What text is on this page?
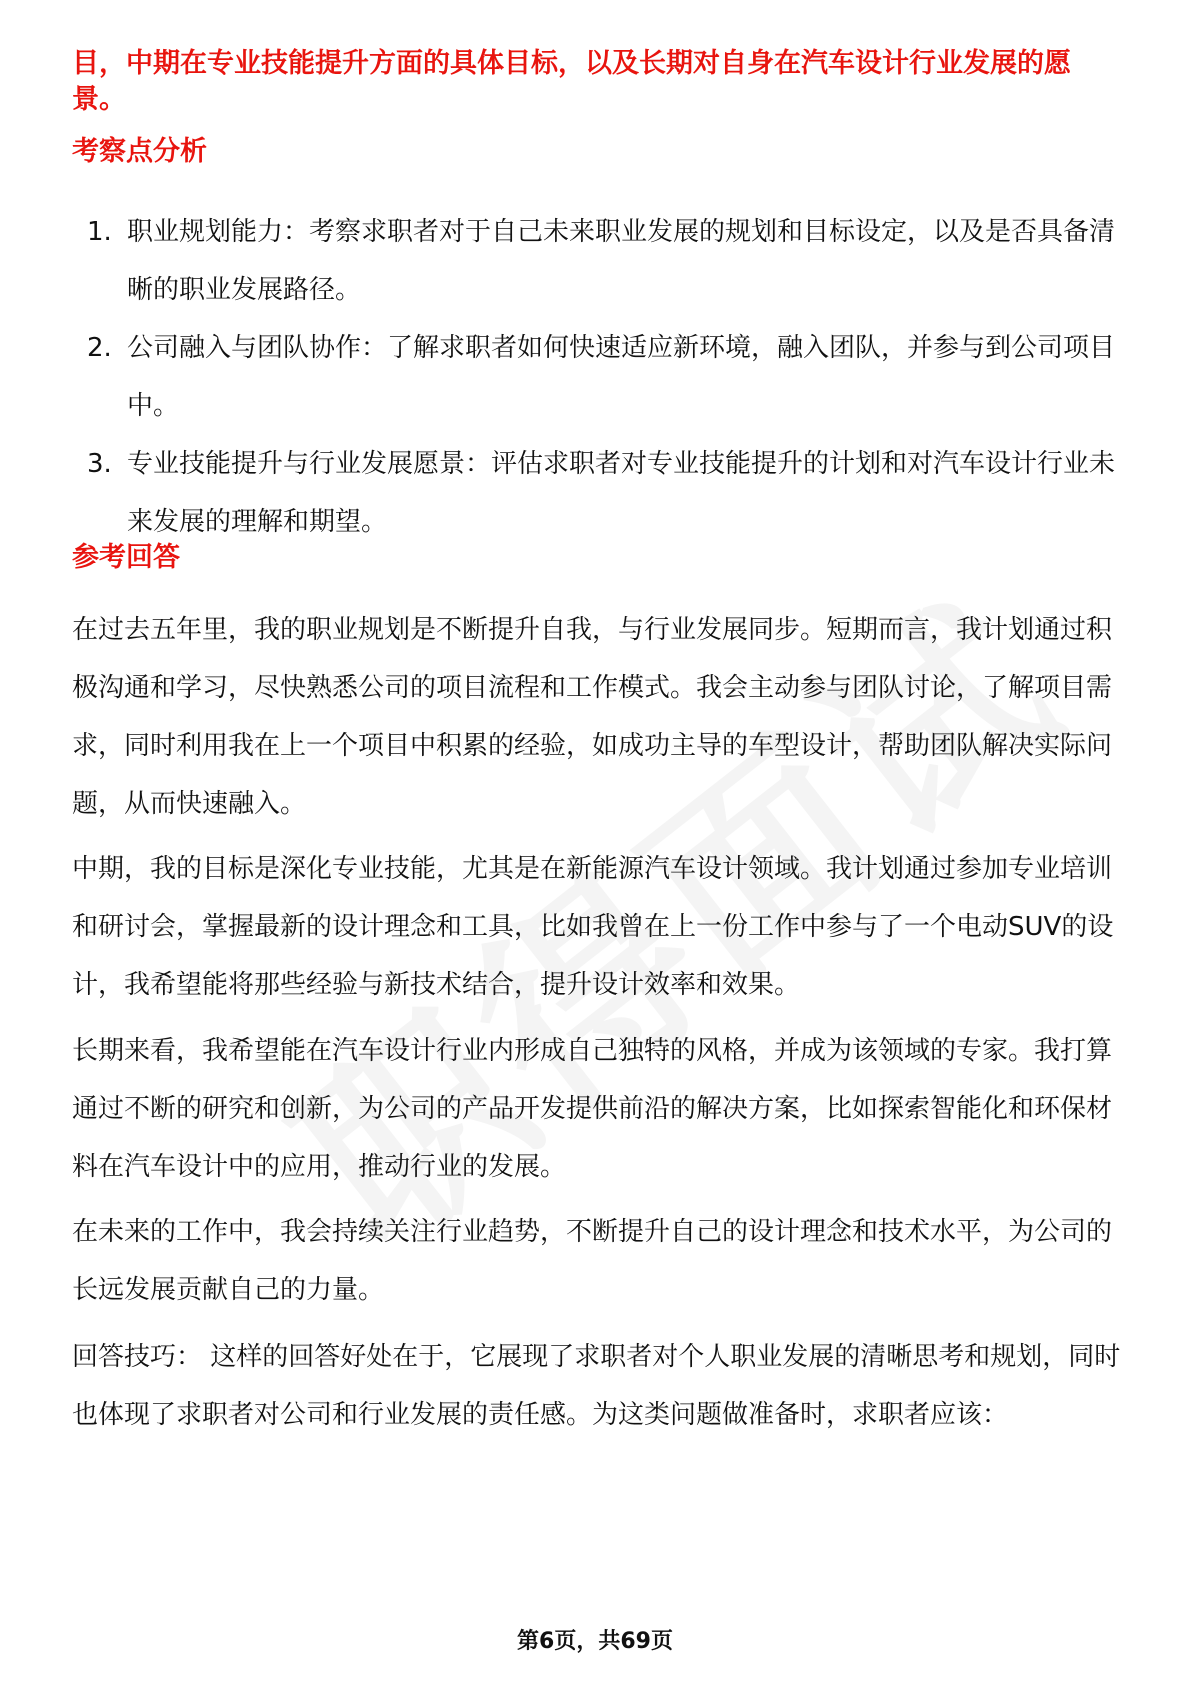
目，中期在专业技能提升方面的具体目标，以及长期对自身在汽车设计行业发展的愿景。

考察点分析
1. 职业规划能力：考察求职者对于自己未来职业发展的规划和目标设定，以及是否具备清晰的职业发展路径。
2. 公司融入与团队协作：了解求职者如何快速适应新环境，融入团队，并参与到公司项目中。
3. 专业技能提升与行业发展愿景：评估求职者对专业技能提升的计划和对汽车设计行业未来发展的理解和期望。
参考回答

在过去五年里，我的职业规划是不断提升自我，与行业发展同步。短期而言，我计划通过积极沟通和学习，尽快熟悉公司的项目流程和工作模式。我会主动参与团队讨论，了解项目需求，同时利用我在上一个项目中积累的经验，如成功主导的车型设计，帮助团队解决实际问题，从而快速融入。

中期，我的目标是深化专业技能，尤其是在新能源汽车设计领域。我计划通过参加专业培训和研讨会，掌握最新的设计理念和工具，比如我曾在上一份工作中参与了一个电动SUV的设计，我希望能将那些经验与新技术结合，提升设计效率和效果。

长期来看，我希望能在汽车设计行业内形成自己独特的风格，并成为该领域的专家。我打算通过不断的研究和创新，为公司的产品开发提供前沿的解决方案，比如探索智能化和环保材料在汽车设计中的应用，推动行业的发展。

在未来的工作中，我会持续关注行业趋势，不断提升自己的设计理念和技术水平，为公司的长远发展贡献自己的力量。

回答技巧： 这样的回答好处在于，它展现了求职者对个人职业发展的清晰思考和规划，同时也体现了求职者对公司和行业发展的责任感。为这类问题做准备时，求职者应该：

第6页，共69页
